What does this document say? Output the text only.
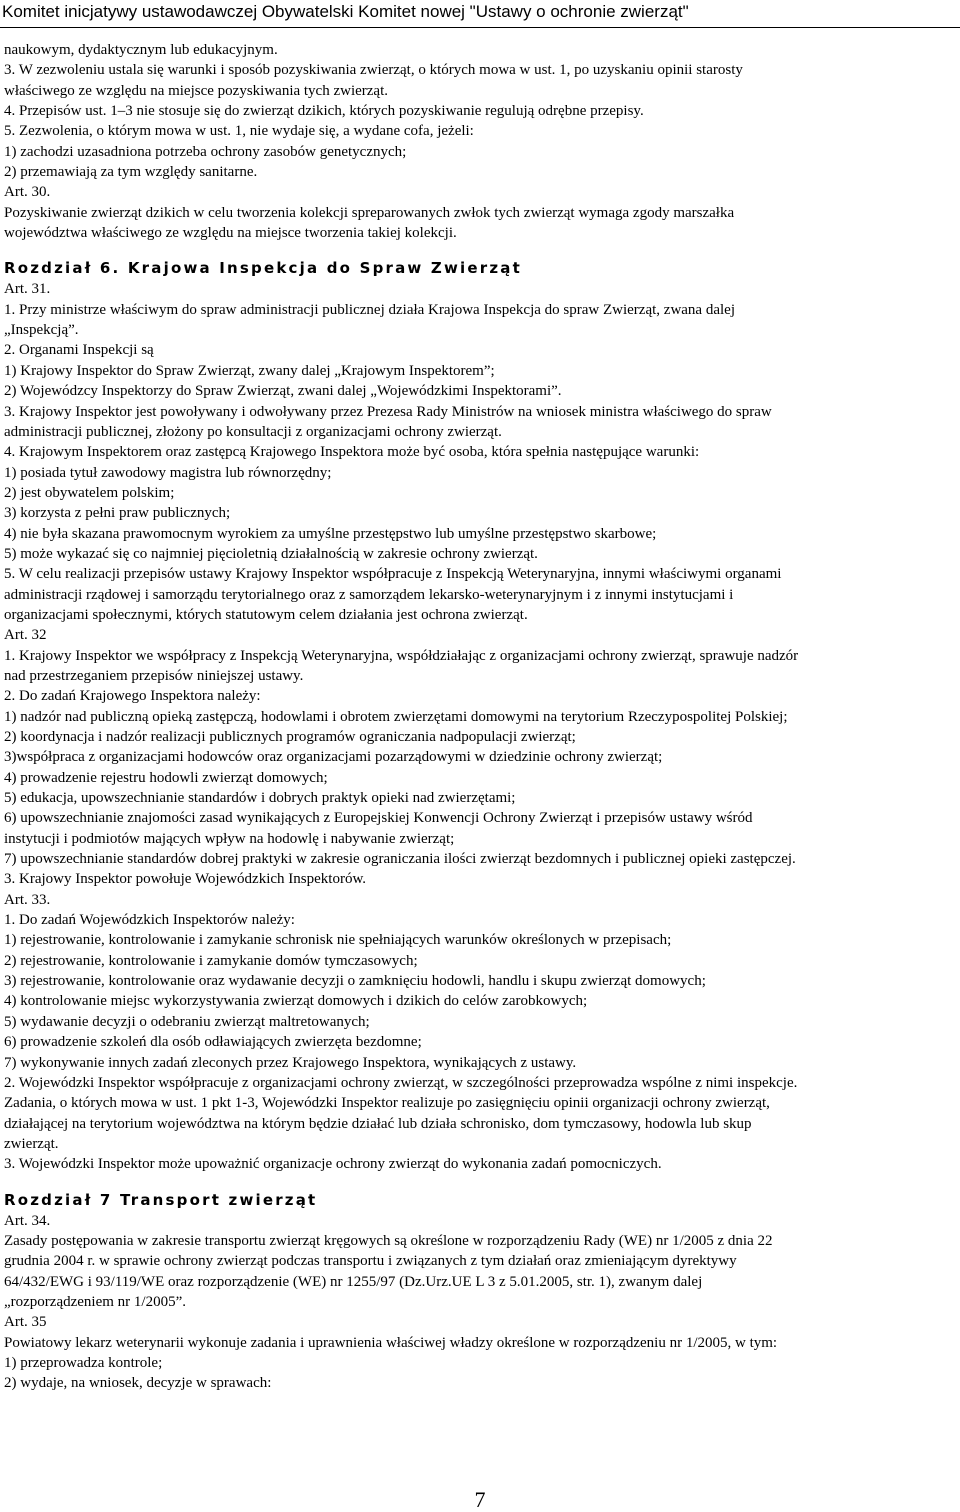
Komitet inicjatywy ustawodawczej Obywatelski Komitet nowej "Ustawy o ochronie zwierząt"
naukowym, dydaktycznym lub edukacyjnym.
3. W zezwoleniu ustala się warunki i sposób pozyskiwania zwierząt, o których mowa w ust. 1, po uzyskaniu opinii starosty
właściwego ze względu na miejsce pozyskiwania tych zwierząt.
4. Przepisów ust. 1–3 nie stosuje się do zwierząt dzikich, których pozyskiwanie regulują odrębne przepisy.
5. Zezwolenia, o którym mowa w ust. 1, nie wydaje się, a wydane cofa, jeżeli:
1) zachodzi uzasadniona potrzeba ochrony zasobów genetycznych;
2) przemawiają za tym względy sanitarne.
Art. 30.
Pozyskiwanie zwierząt dzikich w celu tworzenia kolekcji spreparowanych zwłok tych zwierząt wymaga zgody marszałka
województwa właściwego ze względu na miejsce tworzenia takiej kolekcji.
Rozdział 6. Krajowa Inspekcja do Spraw Zwierząt
Art. 31.
1. Przy ministrze właściwym do spraw administracji publicznej działa Krajowa Inspekcja do spraw Zwierząt, zwana dalej
„Inspekcją”.
2. Organami Inspekcji są
1) Krajowy Inspektor do Spraw Zwierząt, zwany dalej „Krajowym Inspektorem”;
2) Wojewódzcy Inspektorzy do Spraw Zwierząt, zwani dalej „Wojewódzkimi Inspektorami”.
3. Krajowy Inspektor jest powoływany i odwoływany przez Prezesa Rady Ministrów na wniosek ministra właściwego do spraw
administracji publicznej, złożony po konsultacji z organizacjami ochrony zwierząt.
4. Krajowym Inspektorem oraz zastępcą Krajowego Inspektora może być osoba, która spełnia następujące warunki:
1) posiada tytuł zawodowy magistra lub równorzędny;
2) jest obywatelem polskim;
3) korzysta z pełni praw publicznych;
4) nie była skazana prawomocnym wyrokiem za umyślne przestępstwo lub umyślne przestępstwo skarbowe;
5) może wykazać się co najmniej pięcioletnią działalnością w zakresie ochrony zwierząt.
5. W celu realizacji przepisów ustawy Krajowy Inspektor współpracuje z Inspekcją Weterynaryjna, innymi właściwymi organami
administracji rządowej i samorządu terytorialnego oraz z samorządem lekarsko-weterynaryjnym i z innymi instytucjami i
organizacjami społecznymi, których statutowym celem działania jest ochrona zwierząt.
Art. 32
1. Krajowy Inspektor we współpracy z Inspekcją Weterynaryjna, współdziałając z organizacjami ochrony zwierząt, sprawuje nadzór
nad przestrzeganiem przepisów niniejszej ustawy.
2. Do zadań Krajowego Inspektora należy:
1) nadzór nad publiczną opieką zastępczą, hodowlami i obrotem zwierzętami domowymi na terytorium Rzeczypospolitej Polskiej;
2) koordynacja i nadzór realizacji publicznych programów ograniczania nadpopulacji zwierząt;
3)współpraca z organizacjami hodowców oraz organizacjami pozarządowymi w dziedzinie ochrony zwierząt;
4) prowadzenie rejestru hodowli zwierząt domowych;
5) edukacja, upowszechnianie standardów i dobrych praktyk opieki nad zwierzętami;
6) upowszechnianie znajomości zasad wynikających z Europejskiej Konwencji Ochrony Zwierząt i przepisów ustawy wśród
instytucji i podmiotów mających wpływ na hodowlę i nabywanie zwierząt;
7) upowszechnianie standardów dobrej praktyki w zakresie ograniczania ilości zwierząt bezdomnych i publicznej opieki zastępczej.
3. Krajowy Inspektor powołuje Wojewódzkich Inspektorów.
Art. 33.
1. Do zadań Wojewódzkich Inspektorów należy:
1) rejestrowanie, kontrolowanie i zamykanie schronisk nie spełniających warunków określonych w przepisach;
2) rejestrowanie, kontrolowanie i zamykanie domów tymczasowych;
3) rejestrowanie, kontrolowanie oraz wydawanie decyzji o zamknięciu hodowli, handlu i skupu zwierząt domowych;
4) kontrolowanie miejsc wykorzystywania zwierząt domowych i dzikich do celów zarobkowych;
5) wydawanie decyzji o odebraniu zwierząt maltretowanych;
6) prowadzenie szkoleń dla osób odławiających zwierzęta bezdomne;
7) wykonywanie innych zadań zleconych przez Krajowego Inspektora, wynikających z ustawy.
2. Wojewódzki Inspektor współpracuje z organizacjami ochrony zwierząt, w szczególności przeprowadza wspólne z nimi inspekcje.
Zadania, o których mowa w ust. 1 pkt 1-3, Wojewódzki Inspektor realizuje po zasięgnięciu opinii organizacji ochrony zwierząt,
działającej na terytorium województwa na którym będzie działać lub działa schronisko, dom tymczasowy, hodowla lub skup
zwierząt.
3. Wojewódzki Inspektor może upoważnić organizacje ochrony zwierząt do wykonania zadań pomocniczych.
Rozdział 7 Transport zwierząt
Art. 34.
Zasady postępowania w zakresie transportu zwierząt kręgowych są określone w rozporządzeniu Rady (WE) nr 1/2005 z dnia 22
grudnia 2004 r. w sprawie ochrony zwierząt podczas transportu i związanych z tym działań oraz zmieniającym dyrektywy
64/432/EWG i 93/119/WE oraz rozporządzenie (WE) nr 1255/97 (Dz.Urz.UE L 3 z 5.01.2005, str. 1), zwanym dalej
„rozporządzeniem nr 1/2005”.
Art. 35
Powiatowy lekarz weterynarii wykonuje zadania i uprawnienia właściwej władzy określone w rozporządzeniu nr 1/2005, w tym:
1) przeprowadza kontrole;
2) wydaje, na wniosek, decyzje w sprawach:
7
